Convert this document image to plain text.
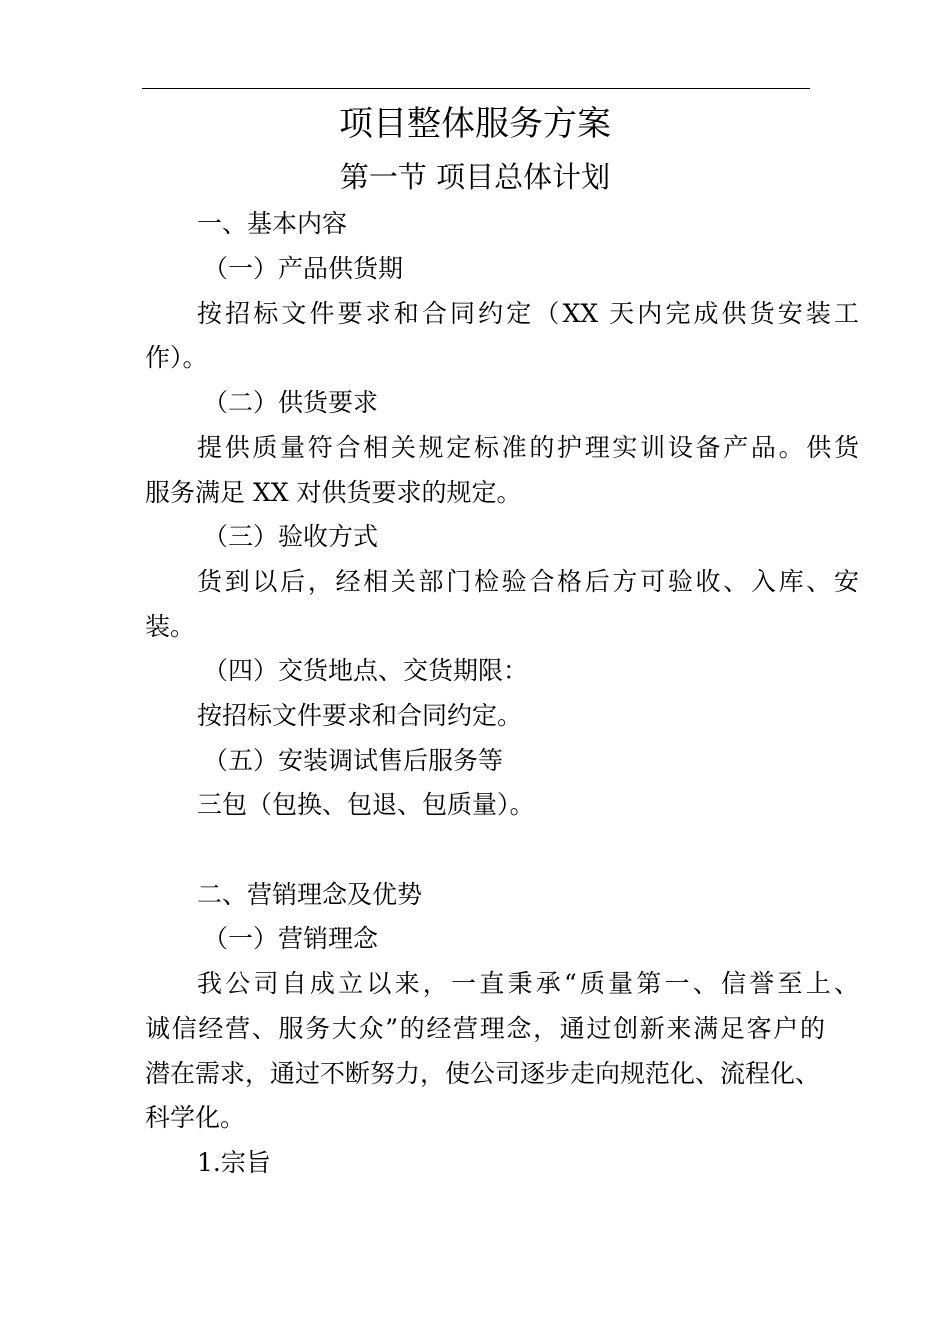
项目整体服务方案
第一节 项目总体计划
一、基本内容
（一）产品供货期
按招标文件要求和合同约定（XX 天内完成供货安装工
作）。
（二）供货要求
提供质量符合相关规定标准的护理实训设备产品。供货
服务满足 XX 对供货要求的规定。
（三）验收方式
货到以后，经相关部门检验合格后方可验收、入库、安
装。
（四）交货地点、交货期限：
按招标文件要求和合同约定。
（五）安装调试售后服务等
三包（包换、包退、包质量）。
二、营销理念及优势
（一）营销理念
我公司自成立以来，一直秉承“质量第一、信誉至上、
诚信经营、服务大众”的经营理念，通过创新来满足客户的
潜在需求，通过不断努力，使公司逐步走向规范化、流程化、
科学化。
1.宗旨
